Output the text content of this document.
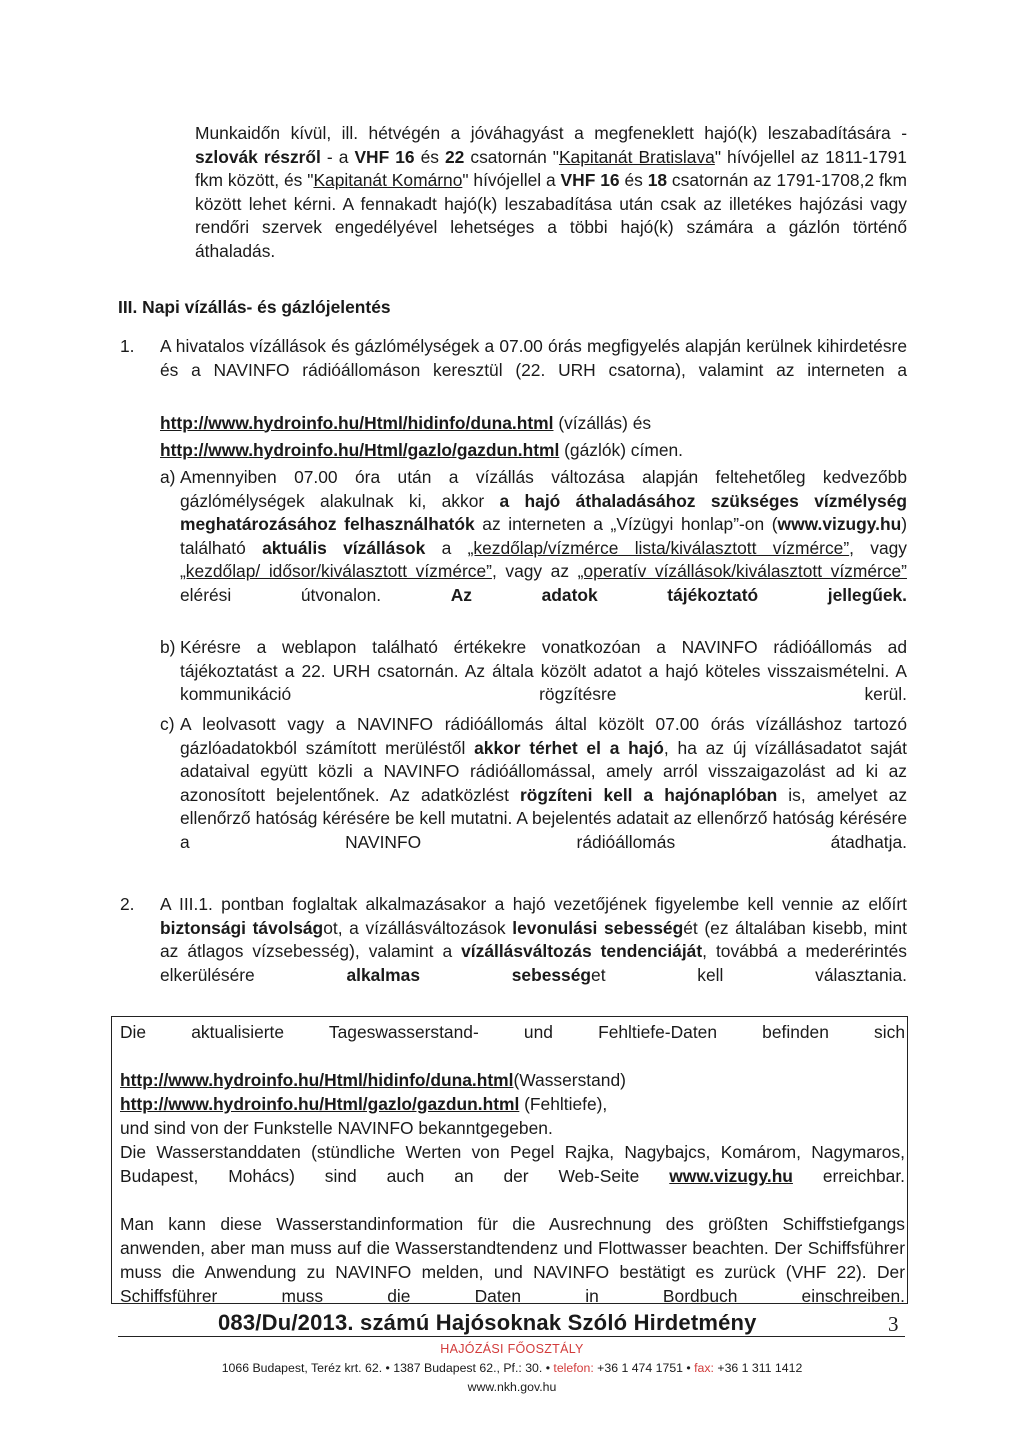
Munkaidőn kívül, ill. hétvégén a jóváhagyást a megfeneklett hajó(k) leszabadítására - szlovák részről - a VHF 16 és 22 csatornán "Kapitanát Bratislava" hívójellel az 1811-1791 fkm között, és "Kapitanát Komárno" hívójellel a VHF 16 és 18 csatornán az 1791-1708,2 fkm között lehet kérni. A fennakadt hajó(k) leszabadítása után csak az illetékes hajózási vagy rendőri szervek engedélyével lehetséges a többi hajó(k) számára a gázlón történő áthaladás.
III. Napi vízállás- és gázlójelentés
1. A hivatalos vízállások és gázlómélységek a 07.00 órás megfigyelés alapján kerülnek kihirdetésre és a NAVINFO rádióállomáson keresztül (22. URH csatorna), valamint az interneten a
http://www.hydroinfo.hu/Html/hidinfo/duna.html (vízállás) és
http://www.hydroinfo.hu/Html/gazlo/gazdun.html (gázlók) címen.
a) Amennyiben 07.00 óra után a vízállás változása alapján feltehetőleg kedvezőbb gázlómélységek alakulnak ki, akkor a hajó áthaladásához szükséges vízmélység meghatározásához felhasználhatók az interneten a „Vízügyi honlap”-on (www.vizugy.hu) található aktuális vízállások a „kezdőlap/vízmérce lista/kiválasztott vízmérce”, vagy „kezdőlap/ idősor/kiválasztott vízmérce”, vagy az „operatív vízállások/kiválasztott vízmérce” elérési útvonalon. Az adatok tájékoztató jellegűek.
b) Kérésre a weblapon található értékekre vonatkozóan a NAVINFO rádióállomás ad tájékoztatást a 22. URH csatornán. Az általa közölt adatot a hajó köteles visszaismételni. A kommunikáció rögzítésre kerül.
c) A leolvasott vagy a NAVINFO rádióállomás által közölt 07.00 órás vízálláshoz tartozó gázlóadatokból számított merüléstől akkor térhet el a hajó, ha az új vízállásadatot saját adataival együtt közli a NAVINFO rádióállomással, amely arról visszaigazolást ad ki az azonosított bejelentőnek. Az adatközlést rögzíteni kell a hajónaplóban is, amelyet az ellenőrző hatóság kérésére be kell mutatni. A bejelentés adatait az ellenőrző hatóság kérésére a NAVINFO rádióállomás átadhatja.
2. A III.1. pontban foglaltak alkalmazásakor a hajó vezetőjének figyelembe kell vennie az előírt biztonsági távolságot, a vízállásváltozások levonulási sebességét (ez általában kisebb, mint az átlagos vízsebesség), valamint a vízállásváltozás tendenciáját, továbbá a mederérintés elkerülésére alkalmas sebességet kell választania.
Die aktualisierte Tageswasserstand- und Fehltiefe-Daten befinden sich
http://www.hydroinfo.hu/Html/hidinfo/duna.html(Wasserstand)
http://www.hydroinfo.hu/Html/gazlo/gazdun.html (Fehltiefe),
und sind von der Funkstelle NAVINFO bekanntgegeben.
Die Wasserstanddaten (stündliche Werten von Pegel Rajka, Nagybajcs, Komárom, Nagymaros, Budapest, Mohács) sind auch an der Web-Seite www.vizugy.hu erreichbar.
Man kann diese Wasserstandinformation für die Ausrechnung des größten Schiffstiefgangs anwenden, aber man muss auf die Wasserstandtendenz und Flottwasser beachten. Der Schiffsführer muss die Anwendung zu NAVINFO melden, und NAVINFO bestätigt es zurück (VHF 22). Der Schiffsführer muss die Daten in Bordbuch einschreiben.
083/Du/2013. számú Hajósoknak Szóló Hirdetmény	3
HAJÓZÁSI FŐOSZTÁLY
1066 Budapest, Teréz krt. 62. • 1387 Budapest 62., Pf.: 30. • telefon: +36 1 474 1751 • fax: +36 1 311 1412
www.nkh.gov.hu
